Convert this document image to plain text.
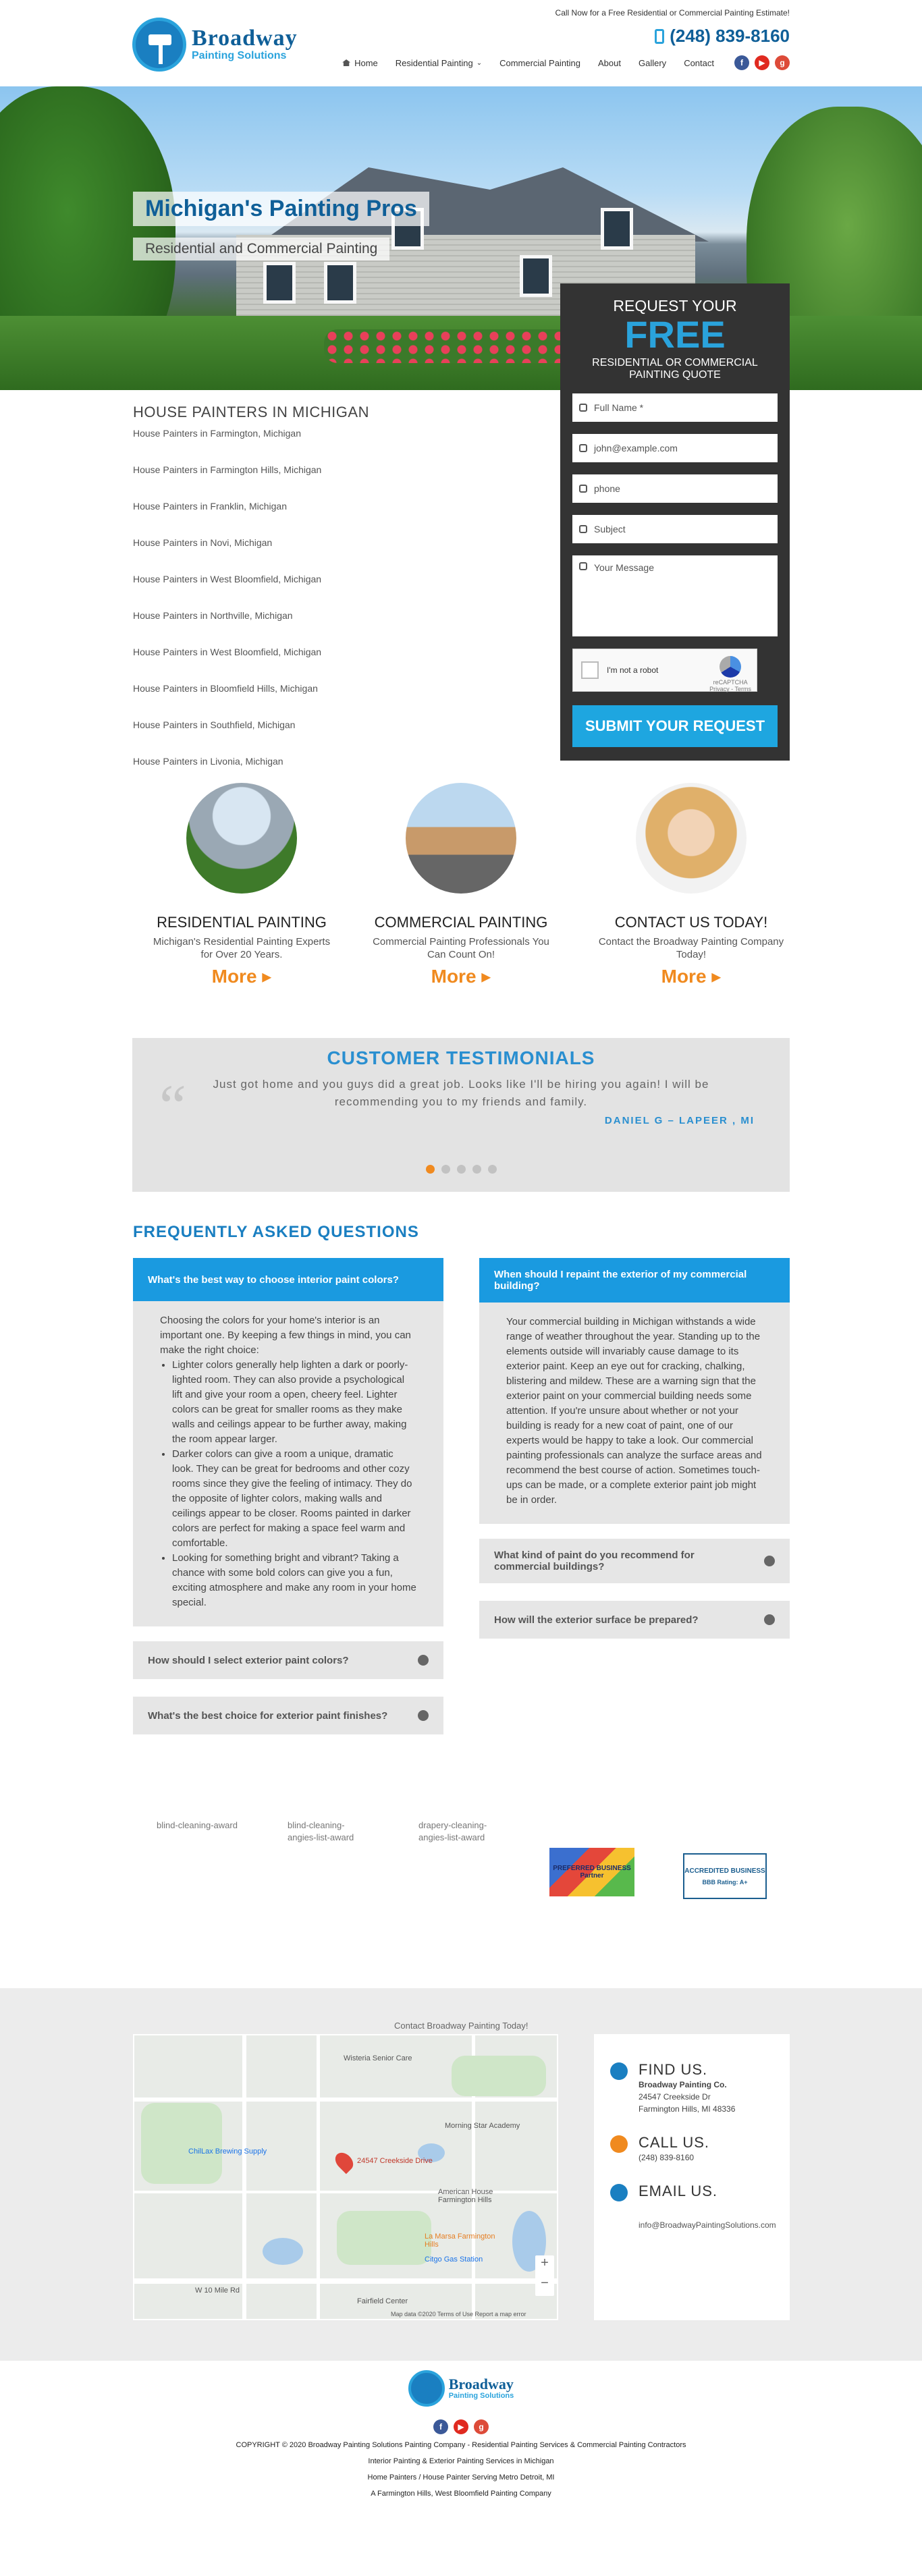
Broadway
Painting Solutions
Call Now for a Free Residential or Commercial Painting Estimate!
(248) 839-8160
Home Residential Painting ⌄ Commercial Painting About Gallery Contact	f	▶	g
Michigan's Painting Pros
Residential and Commercial Painting
HOUSE PAINTERS IN MICHIGAN
House Painters in Farmington, Michigan
House Painters in Farmington Hills, Michigan
House Painters in Franklin, Michigan
House Painters in Novi, Michigan
House Painters in West Bloomfield, Michigan
House Painters in Northville, Michigan
House Painters in West Bloomfield, Michigan
House Painters in Bloomfield Hills, Michigan
House Painters in Southfield, Michigan
House Painters in Livonia, Michigan
REQUEST YOUR
FREE
RESIDENTIAL OR COMMERCIAL PAINTING QUOTE
Full Name *
john@example.com
phone
Subject
Your Message
I'm not a robot
reCAPTCHA
Privacy - Terms
SUBMIT YOUR REQUEST
RESIDENTIAL PAINTING

Michigan's Residential Painting Experts for Over 20 Years.

More ▸
COMMERCIAL PAINTING

Commercial Painting Professionals You Can Count On!

More ▸
CONTACT US TODAY!

Contact the Broadway Painting Company Today!

More ▸
CUSTOMER TESTIMONIALS
“	Just got home and you guys did a great job. Looks like I'll be hiring you again! I will be recommending you to my friends and family.

DANIEL G – LAPEER , MI
FREQUENTLY ASKED QUESTIONS
What's the best way to choose interior paint colors?
Choosing the colors for your home's interior is an important one. By keeping a few things in mind, you can make the right choice:
• Lighter colors generally help lighten a dark or poorly-lighted room. They can also provide a psychological lift and give your room a open, cheery feel. Lighter colors can be great for smaller rooms as they make walls and ceilings appear to be further away, making the room appear larger.
• Darker colors can give a room a unique, dramatic look. They can be great for bedrooms and other cozy rooms since they give the feeling of intimacy. They do the opposite of lighter colors, making walls and ceilings appear to be closer. Rooms painted in darker colors are perfect for making a space feel warm and comfortable.
• Looking for something bright and vibrant? Taking a chance with some bold colors can give you a fun, exciting atmosphere and make any room in your home special.
How should I select exterior paint colors?
What's the best choice for exterior paint finishes?
When should I repaint the exterior of my commercial building?
Your commercial building in Michigan withstands a wide range of weather throughout the year. Standing up to the elements outside will invariably cause damage to its exterior paint. Keep an eye out for cracking, chalking, blistering and mildew. These are a warning sign that the exterior paint on your commercial building needs some attention. If you're unsure about whether or not your building is ready for a new coat of paint, one of our experts would be happy to take a look. Our commercial painting professionals can analyze the surface areas and recommend the best course of action. Sometimes touch-ups can be made, or a complete exterior paint job might be in order.
What kind of paint do you recommend for commercial buildings?
How will the exterior surface be prepared?
blind-cleaning-award	blind-cleaning-angies-list-award
drapery-cleaning-angies-list-award
PREFERRED BUSINESS Partner
ACCREDITED BUSINESS
BBB Rating: A+
Contact Broadway Painting Today!
24547 Creekside Drive
Wisteria Senior Care
Morning Star Academy
ChilLax Brewing Supply
American House Farmington Hills
La Marsa Farmington Hills
Citgo Gas Station
W 10 Mile Rd
Fairfield Center
Map data ©2020 Terms of Use Report a map error
+
−
FIND US.

Broadway Painting Co.

24547 Creekside Dr

Farmington Hills, MI 48336

CALL US.

(248) 839-8160

EMAIL US.

info@BroadwayPaintingSolutions.com

Broadway
Painting Solutions
f	▶	g

COPYRIGHT © 2020 Broadway Painting Solutions Painting Company - Residential Painting Services & Commercial Painting Contractors

Interior Painting & Exterior Painting Services in Michigan

Home Painters / House Painter Serving Metro Detroit, MI

A Farmington Hills, West Bloomfield Painting Company
